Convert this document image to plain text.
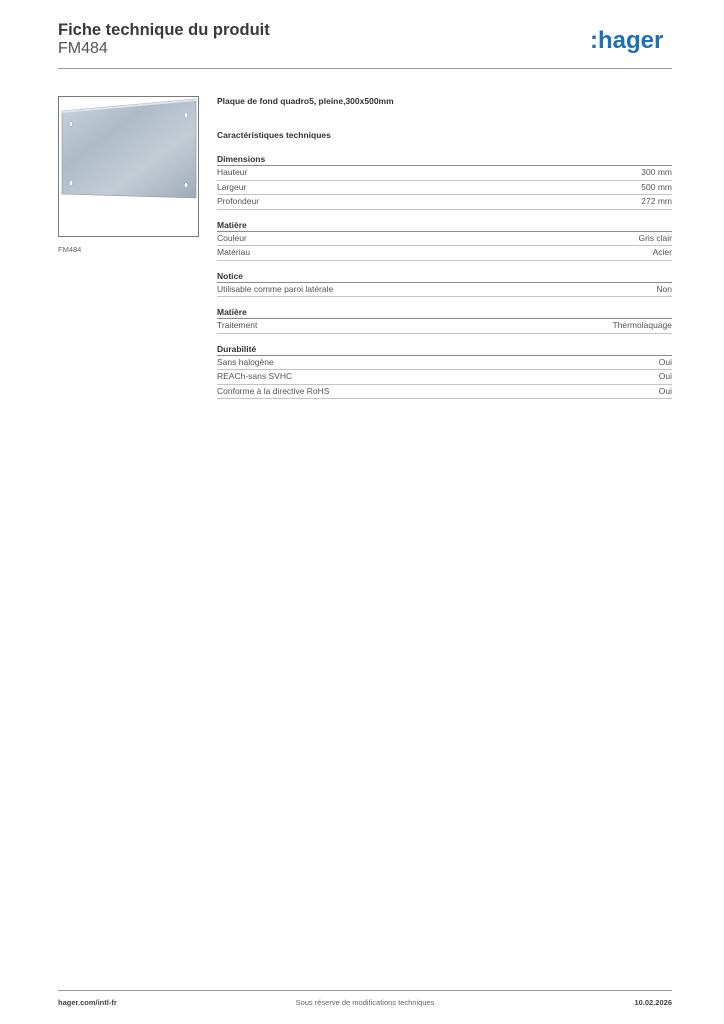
Fiche technique du produit
FM484	:hager
FM484
Plaque de fond quadro5, pleine,300x500mm
Caractéristiques techniques
Dimensions
Hauteur	300 mm
Largeur	500 mm
Profondeur	272 mm
Matière
Couleur	Gris clair
Matériau	Acier
Notice
Utilisable comme paroi latérale	Non
Matière
Traitement	Thermolaquage
Durabilité
Sans halogène	Oui
REACh-sans SVHC	Oui
Conforme à la directive RoHS	Oui
hager.com/intl-fr	Sous réserve de modifications techniques	10.02.2026
